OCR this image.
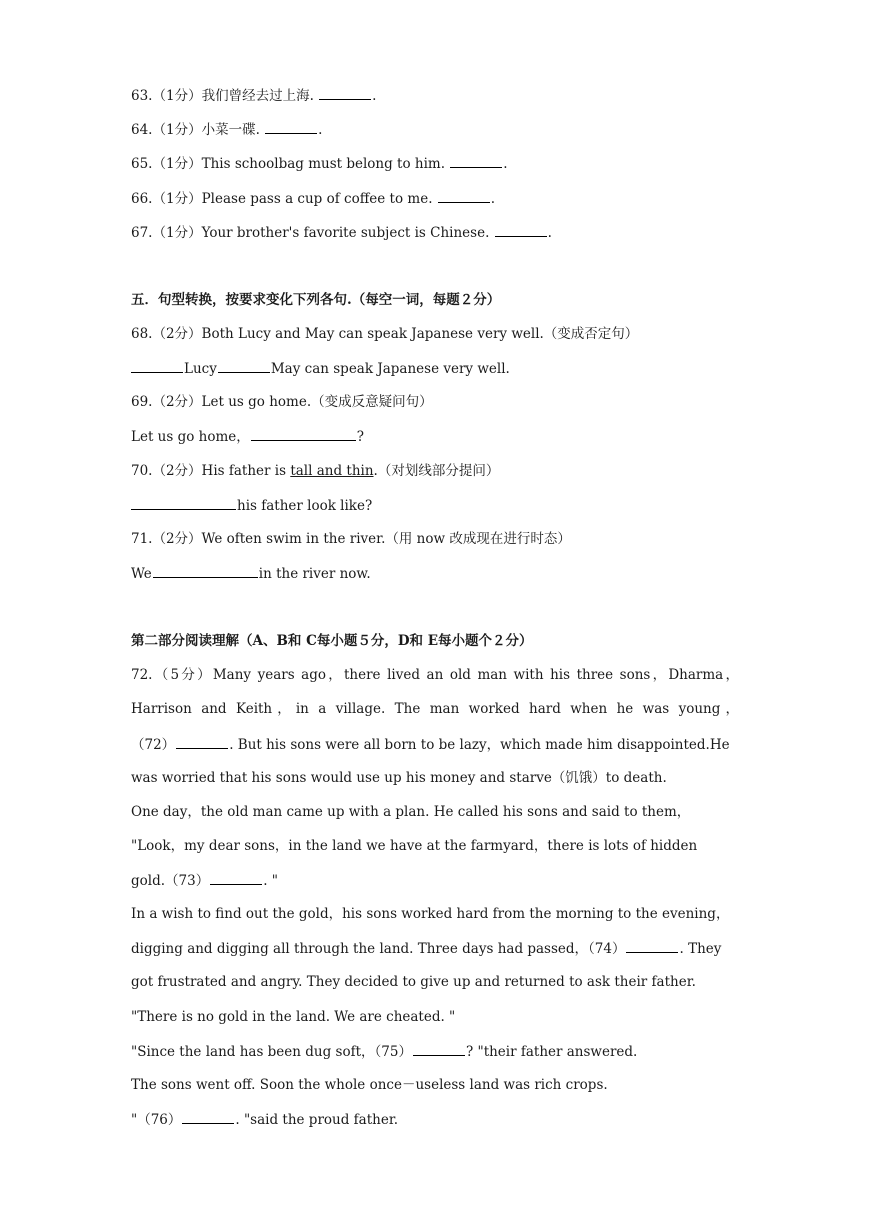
63.（1分）我们曾经去过上海.	.
64.（1分）小菜一碟.	.
65.（1分）This schoolbag must belong to him.	.
66.（1分）Please pass a cup of coffee to me.	.
67.（1分）Your brother's favorite subject is Chinese.	.
五．句型转换，按要求变化下列各句.（每空一词，每题２分）
68.（2分）Both Lucy and May can speak Japanese very well.（变成否定句）
Lucy	May can speak Japanese very well.
69.（2分）Let us go home.（变成反意疑问句）
Let us go home，	?
70.（2分）His father is tall and thin.（对划线部分提问）
his father look like?
71.（2分）We often swim in the river.（用 now 改成现在进行时态）
We	in the river now.
第二部分阅读理解（A、B和 C每小题５分，D和 E每小题个２分）
72.（5分）Many years ago，there lived an old man with his three sons，Dharma，
Harrison and Keith，in a village. The man worked hard when he was young，
（72）	. But his sons were all born to be lazy，which made him disappointed.He
was worried that his sons would use up his money and starve（饥饿）to death.
One day，the old man came up with a plan. He called his sons and said to them，
"Look，my dear sons，in the land we have at the farmyard，there is lots of hidden
gold.（73）	. "
In a wish to find out the gold，his sons worked hard from the morning to the evening，
digging and digging all through the land. Three days had passed，（74）	. They
got frustrated and angry. They decided to give up and returned to ask their father.
"There is no gold in the land. We are cheated. "
"Since the land has been dug soft，（75）	? "their father answered.
The sons went off. Soon the whole once－useless land was rich crops.
"（76）	. "said the proud father.
